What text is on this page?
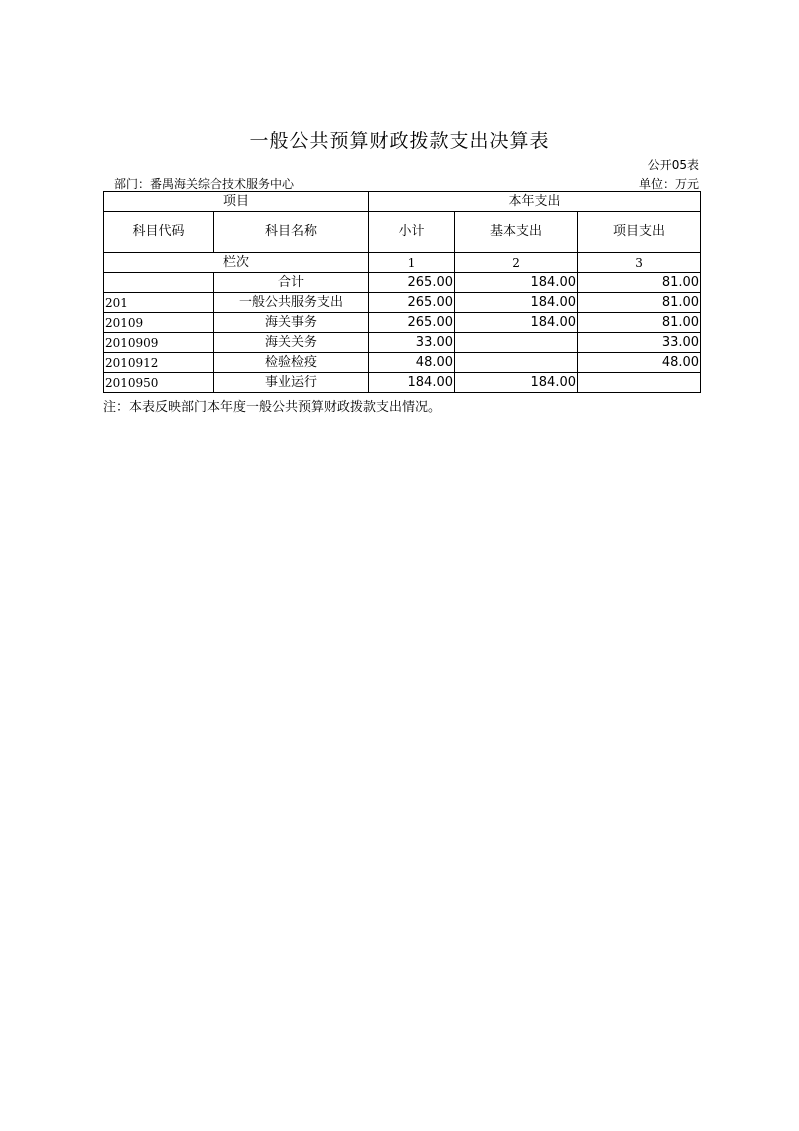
一般公共预算财政拨款支出决算表
公开05表
部门：番禺海关综合技术服务中心	单位：万元
项目		本年支出		
科目代码	科目名称	小计	基本支出	项目支出
栏次		1	2	3
	合计	265.00	184.00	81.00
201	一般公共服务支出	265.00	184.00	81.00
20109	海关事务	265.00	184.00	81.00
2010909	海关关务	33.00		33.00
2010912	检验检疫	48.00		48.00
2010950	事业运行	184.00	184.00	
注：本表反映部门本年度一般公共预算财政拨款支出情况。
